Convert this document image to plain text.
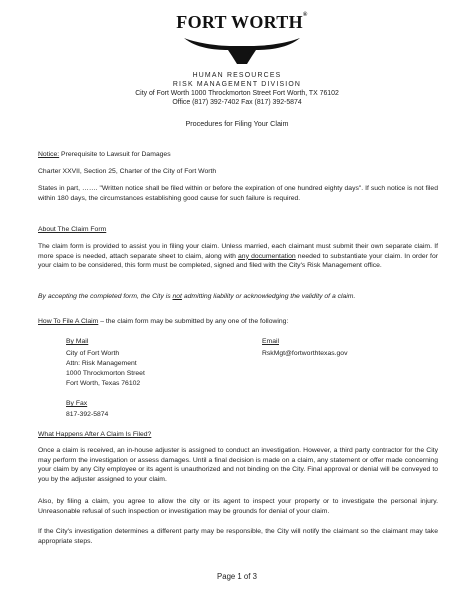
FORT WORTH®
HUMAN RESOURCES
RISK MANAGEMENT DIVISION
City of Fort Worth 1000 Throckmorton Street Fort Worth, TX 76102
Office (817) 392-7402 Fax (817) 392-5874
Procedures for Filing Your Claim
Notice: Prerequisite to Lawsuit for Damages
Charter XXVII, Section 25, Charter of the City of Fort Worth
States in part, ……. "Written notice shall be filed within or before the expiration of one hundred eighty days". If such notice is not filed within 180 days, the circumstances establishing good cause for such failure is required.
About The Claim Form
The claim form is provided to assist you in filing your claim. Unless married, each claimant must submit their own separate claim. If more space is needed, attach separate sheet to claim, along with any documentation needed to substantiate your claim. In order for your claim to be considered, this form must be completed, signed and filed with the City's Risk Management office.
By accepting the completed form, the City is not admitting liability or acknowledging the validity of a claim.
How To File A Claim – the claim form may be submitted by any one of the following:
By Mail
City of Fort Worth
Attn: Risk Management
1000 Throckmorton Street
Fort Worth, Texas 76102
Email
RskMgt@fortworthtexas.gov
By Fax
817-392-5874
What Happens After A Claim Is Filed?
Once a claim is received, an in-house adjuster is assigned to conduct an investigation. However, a third party contractor for the City may perform the investigation or assess damages. Until a final decision is made on a claim, any statement or offer made concerning your claim by any City employee or its agent is unauthorized and not binding on the City. Final approval or denial will be conveyed to you by the adjuster assigned to your claim.
Also, by filing a claim, you agree to allow the city or its agent to inspect your property or to investigate the personal injury. Unreasonable refusal of such inspection or investigation may be grounds for denial of your claim.
If the City's investigation determines a different party may be responsible, the City will notify the claimant so the claimant may take appropriate steps.
Page 1 of 3
